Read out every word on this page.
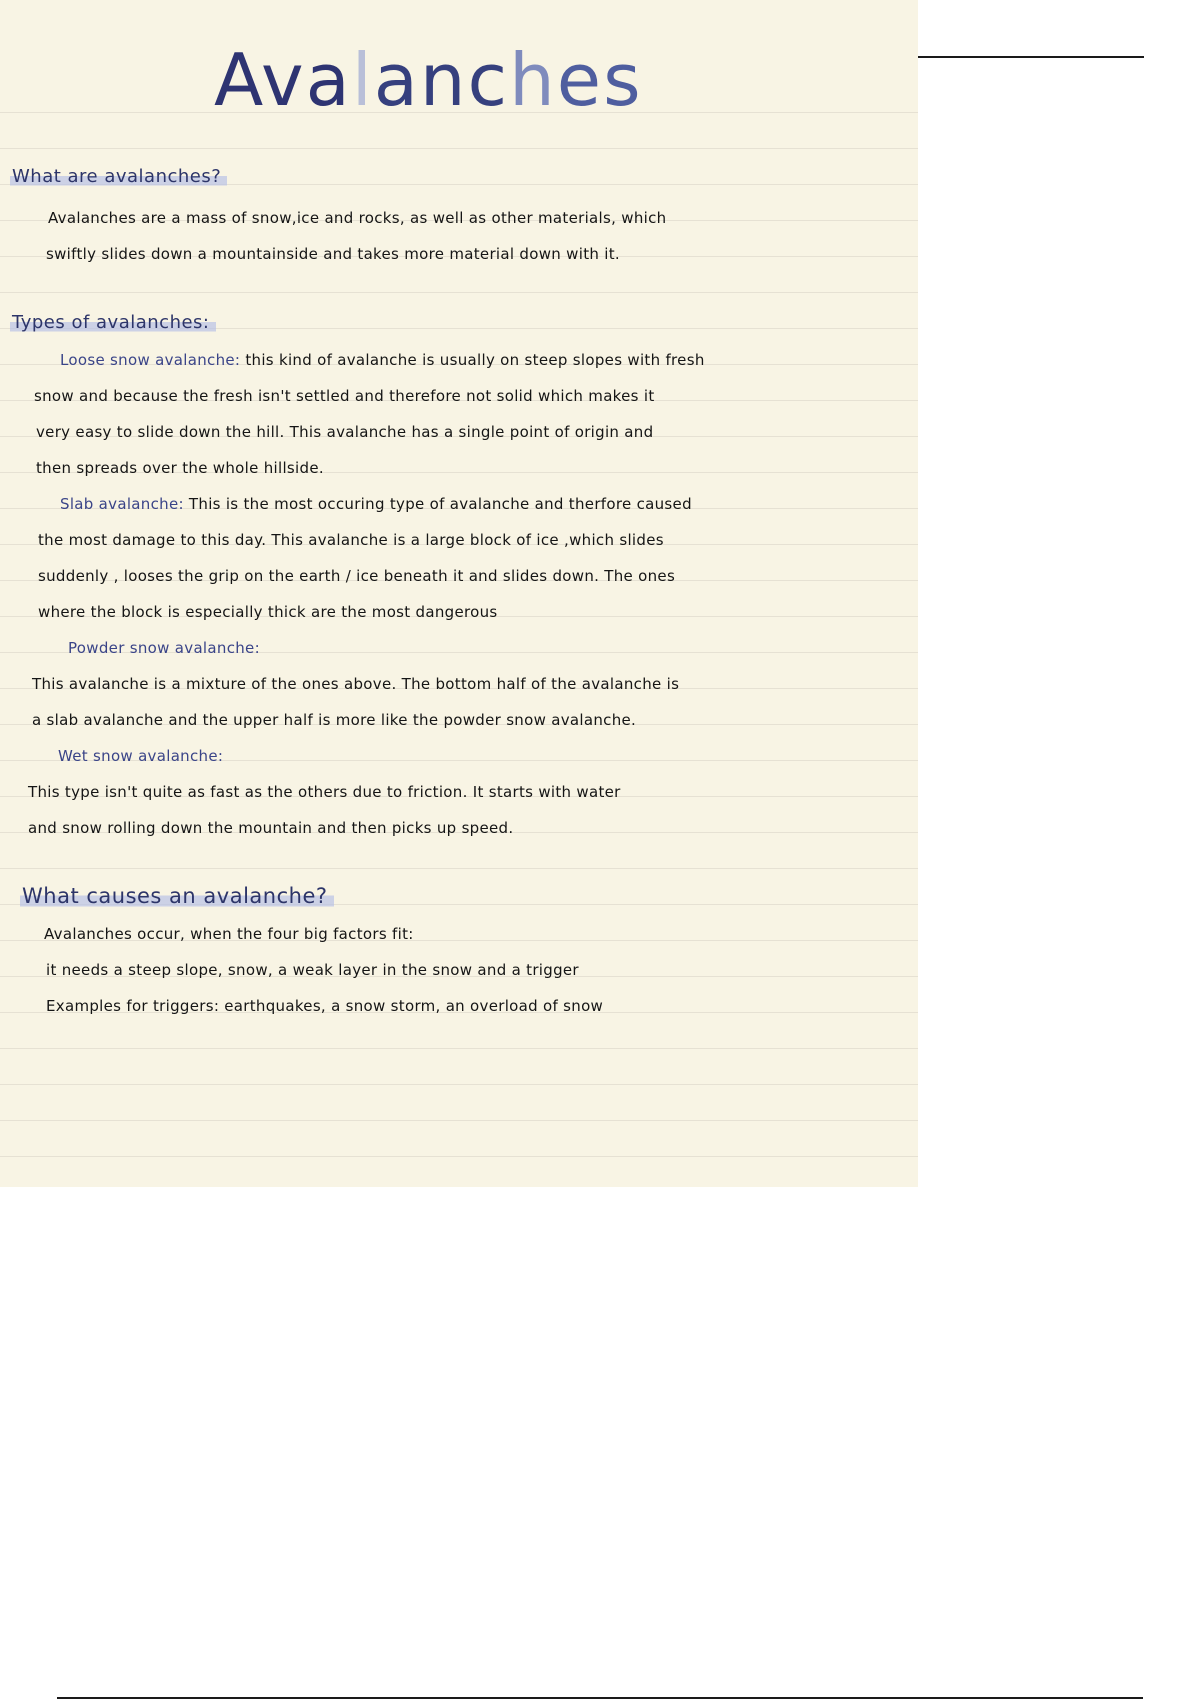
Avalanches
What are avalanches?

Avalanches are a mass of snow,ice and rocks, as well as other materials, which

swiftly slides down a mountainside and takes more material down with it.

Types of avalanches:

Loose snow avalanche: this kind of avalanche is usually on steep slopes with fresh

snow and because the fresh isn't settled and therefore not solid which makes it

very easy to slide down the hill. This avalanche has a single point of origin and

then spreads over the whole hillside.

Slab avalanche: This is the most occuring type of avalanche and therfore caused

the most damage to this day. This avalanche is a large block of ice ,which slides

suddenly , looses the grip on the earth / ice beneath it and slides down. The ones

where the block is especially thick are the most dangerous

Powder snow avalanche:

This avalanche is a mixture of the ones above. The bottom half of the avalanche is

a slab avalanche and the upper half is more like the powder snow avalanche.

Wet snow avalanche:

This type isn't quite as fast as the others due to friction. It starts with water

and snow rolling down the mountain and then picks up speed.

What causes an avalanche?

Avalanches occur, when the four big factors fit:

it needs a steep slope, snow, a weak layer in the snow and a trigger

Examples for triggers: earthquakes, a snow storm, an overload of snow
